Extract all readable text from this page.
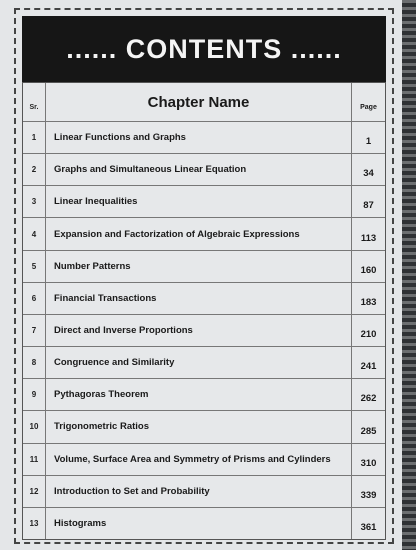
...... CONTENTS ......
Sr.	Chapter Name	Page
1	Linear Functions and Graphs	1
2	Graphs and Simultaneous Linear Equation	34
3	Linear Inequalities	87
4	Expansion and Factorization of Algebraic Expressions	113
5	Number Patterns	160
6	Financial Transactions	183
7	Direct and Inverse Proportions	210
8	Congruence and Similarity	241
9	Pythagoras Theorem	262
10	Trigonometric Ratios	285
11	Volume, Surface Area and Symmetry of Prisms and Cylinders	310
12	Introduction to Set and Probability	339
13	Histograms	361
